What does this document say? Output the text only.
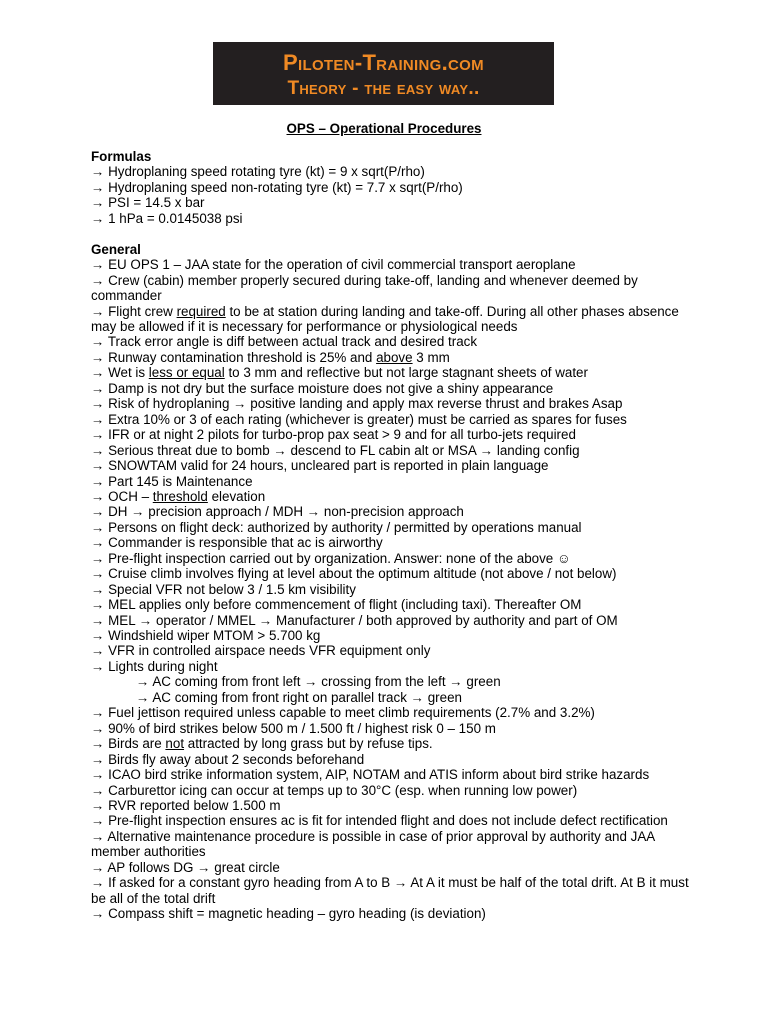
Piloten-Training.com
Theory - the easy way..
OPS – Operational Procedures
Formulas
→ Hydroplaning speed rotating tyre (kt) = 9 x sqrt(P/rho)
→ Hydroplaning speed non-rotating tyre (kt) = 7.7 x sqrt(P/rho)
→ PSI = 14.5 x bar
→ 1 hPa = 0.0145038 psi
General
→ EU OPS 1 – JAA state for the operation of civil commercial transport aeroplane
→ Crew (cabin) member properly secured during take-off, landing and whenever deemed by commander
→ Flight crew required to be at station during landing and take-off. During all other phases absence may be allowed if it is necessary for performance or physiological needs
→ Track error angle is diff between actual track and desired track
→ Runway contamination threshold is 25% and above 3 mm
→ Wet is less or equal to 3 mm and reflective but not large stagnant sheets of water
→ Damp is not dry but the surface moisture does not give a shiny appearance
→ Risk of hydroplaning → positive landing and apply max reverse thrust and brakes Asap
→ Extra 10% or 3 of each rating (whichever is greater) must be carried as spares for fuses
→ IFR or at night 2 pilots for turbo-prop pax seat > 9 and for all turbo-jets required
→ Serious threat due to bomb → descend to FL cabin alt or MSA → landing config
→ SNOWTAM valid for 24 hours, uncleared part is reported in plain language
→ Part 145 is Maintenance
→ OCH – threshold elevation
→ DH → precision approach / MDH → non-precision approach
→ Persons on flight deck: authorized by authority / permitted by operations manual
→ Commander is responsible that ac is airworthy
→ Pre-flight inspection carried out by organization. Answer: none of the above ☺
→ Cruise climb involves flying at level about the optimum altitude (not above / not below)
→ Special VFR not below 3 / 1.5 km visibility
→ MEL applies only before commencement of flight (including taxi). Thereafter OM
→ MEL → operator / MMEL → Manufacturer / both approved by authority and part of OM
→ Windshield wiper MTOM > 5.700 kg
→ VFR in controlled airspace needs VFR equipment only
→ Lights during night
→ AC coming from front left → crossing from the left → green
→ AC coming from front right on parallel track → green
→ Fuel jettison required unless capable to meet climb requirements (2.7% and 3.2%)
→ 90% of bird strikes below 500 m / 1.500 ft / highest risk 0 – 150 m
→ Birds are not attracted by long grass but by refuse tips.
→ Birds fly away about 2 seconds beforehand
→ ICAO bird strike information system, AIP, NOTAM and ATIS inform about bird strike hazards
→ Carburettor icing can occur at temps up to 30°C (esp. when running low power)
→ RVR reported below 1.500 m
→ Pre-flight inspection ensures ac is fit for intended flight and does not include defect rectification
→ Alternative maintenance procedure is possible in case of prior approval by authority and JAA member authorities
→ AP follows DG → great circle
→ If asked for a constant gyro heading from A to B → At A it must be half of the total drift. At B it must be all of the total drift
→ Compass shift = magnetic heading – gyro heading (is deviation)
